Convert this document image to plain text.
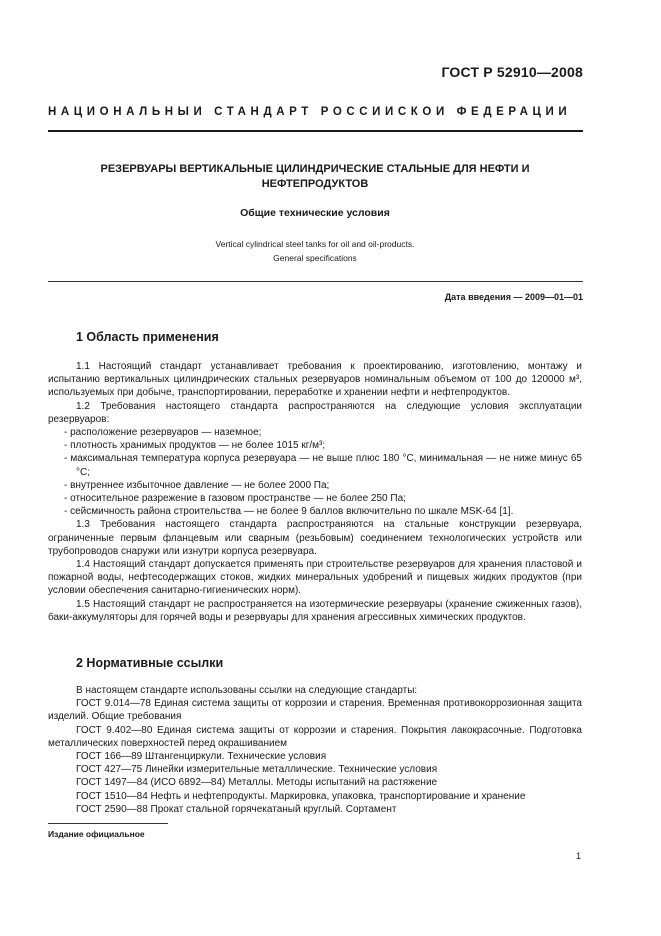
ГОСТ Р 52910—2008
НАЦИОНАЛЬНЫЙ СТАНДАРТ РОССИЙСКОЙ ФЕДЕРАЦИИ
РЕЗЕРВУАРЫ ВЕРТИКАЛЬНЫЕ ЦИЛИНДРИЧЕСКИЕ СТАЛЬНЫЕ ДЛЯ НЕФТИ И НЕФТЕПРОДУКТОВ
Общие технические условия
Vertical cylindrical steel tanks for oil and oil-products.
General specifications
Дата введения — 2009—01—01
1 Область применения

1.1 Настоящий стандарт устанавливает требования к проектированию, изготовлению, монтажу и испытанию вертикальных цилиндрических стальных резервуаров номинальным объемом от 100 до 120000 м³, используемых при добыче, транспортировании, переработке и хранении нефти и нефтепродуктов.

1.2 Требования настоящего стандарта распространяются на следующие условия эксплуатации резервуаров:

- расположение резервуаров — наземное;

- плотность хранимых продуктов — не более 1015 кг/м³;

- максимальная температура корпуса резервуара — не выше плюс 180 °С, минимальная — не ниже минус 65 °С;

- внутреннее избыточное давление — не более 2000 Па;

- относительное разрежение в газовом пространстве — не более 250 Па;

- сейсмичность района строительства — не более 9 баллов включительно по шкале MSK-64 [1].

1.3 Требования настоящего стандарта распространяются на стальные конструкции резервуара, ограниченные первым фланцевым или сварным (резьбовым) соединением технологических устройств или трубопроводов снаружи или изнутри корпуса резервуара.

1.4 Настоящий стандарт допускается применять при строительстве резервуаров для хранения пластовой и пожарной воды, нефтесодержащих стоков, жидких минеральных удобрений и пищевых жидких продуктов (при условии обеспечения санитарно-гигиенических норм).

1.5 Настоящий стандарт не распространяется на изотермические резервуары (хранение сжиженных газов), баки-аккумуляторы для горячей воды и резервуары для хранения агрессивных химических продуктов.

2 Нормативные ссылки

В настоящем стандарте использованы ссылки на следующие стандарты:

ГОСТ 9.014—78 Единая система защиты от коррозии и старения. Временная противокоррозионная защита изделий. Общие требования

ГОСТ 9.402—80 Единая система защиты от коррозии и старения. Покрытия лакокрасочные. Подготовка металлических поверхностей перед окрашиванием

ГОСТ 166—89 Штангенциркули. Технические условия

ГОСТ 427—75 Линейки измерительные металлические. Технические условия

ГОСТ 1497—84 (ИСО 6892—84) Металлы. Методы испытаний на растяжение

ГОСТ 1510—84 Нефть и нефтепродукты. Маркировка, упаковка, транспортирование и хранение

ГОСТ 2590—88 Прокат стальной горячекатаный круглый. Сортамент

Издание официальное
1
